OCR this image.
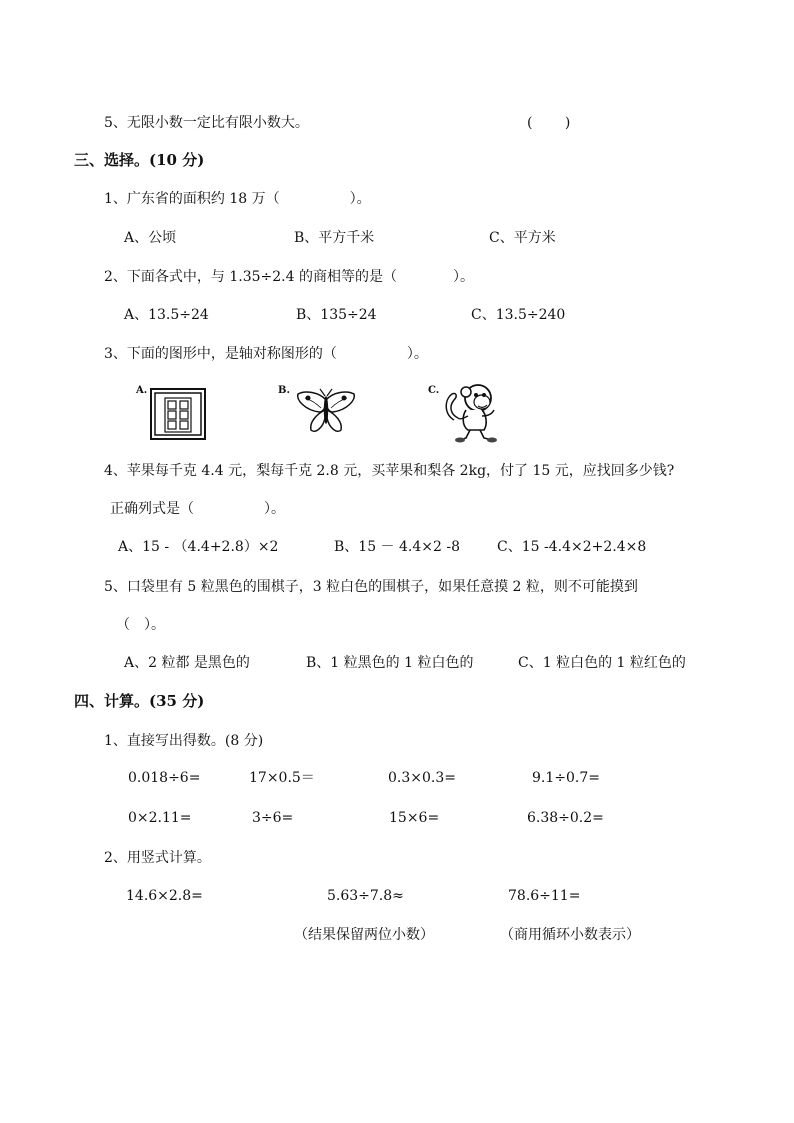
5、无限小数一定比有限小数大。	(　　 )
三、选择。(10 分)
1、广东省的面积约 18 万（　　　　　）。
A、公顷	B、平方千米	C、平方米
2、下面各式中，与 1.35÷2.4 的商相等的是（　　　　）。
A、13.5÷24	B、135÷24	C、13.5÷240
3、下面的图形中，是轴对称图形的（　　　　　）。
A.	B.	C.
4、苹果每千克 4.4 元，梨每千克 2.8 元，买苹果和梨各 2kg，付了 15 元，应找回多少钱?
正确列式是（　　　　　）。
A、15 - （4.4+2.8）×2	B、15 － 4.4×2 -8	C、15 -4.4×2+2.4×8
5、口袋里有 5 粒黑色的围棋子，3 粒白色的围棋子，如果任意摸 2 粒，则不可能摸到
（　）。
A、2 粒都 是黑色的	B、1 粒黑色的 1 粒白色的	C、1 粒白色的 1 粒红色的
四、计算。(35 分)
1、直接写出得数。(8 分)
0.018÷6=	17×0.5＝	0.3×0.3=	9.1÷0.7=
0×2.11=	3÷6=	15×6=	6.38÷0.2=
2、用竖式计算。
14.6×2.8=	5.63÷7.8≈	78.6÷11=
（结果保留两位小数）	（商用循环小数表示）
